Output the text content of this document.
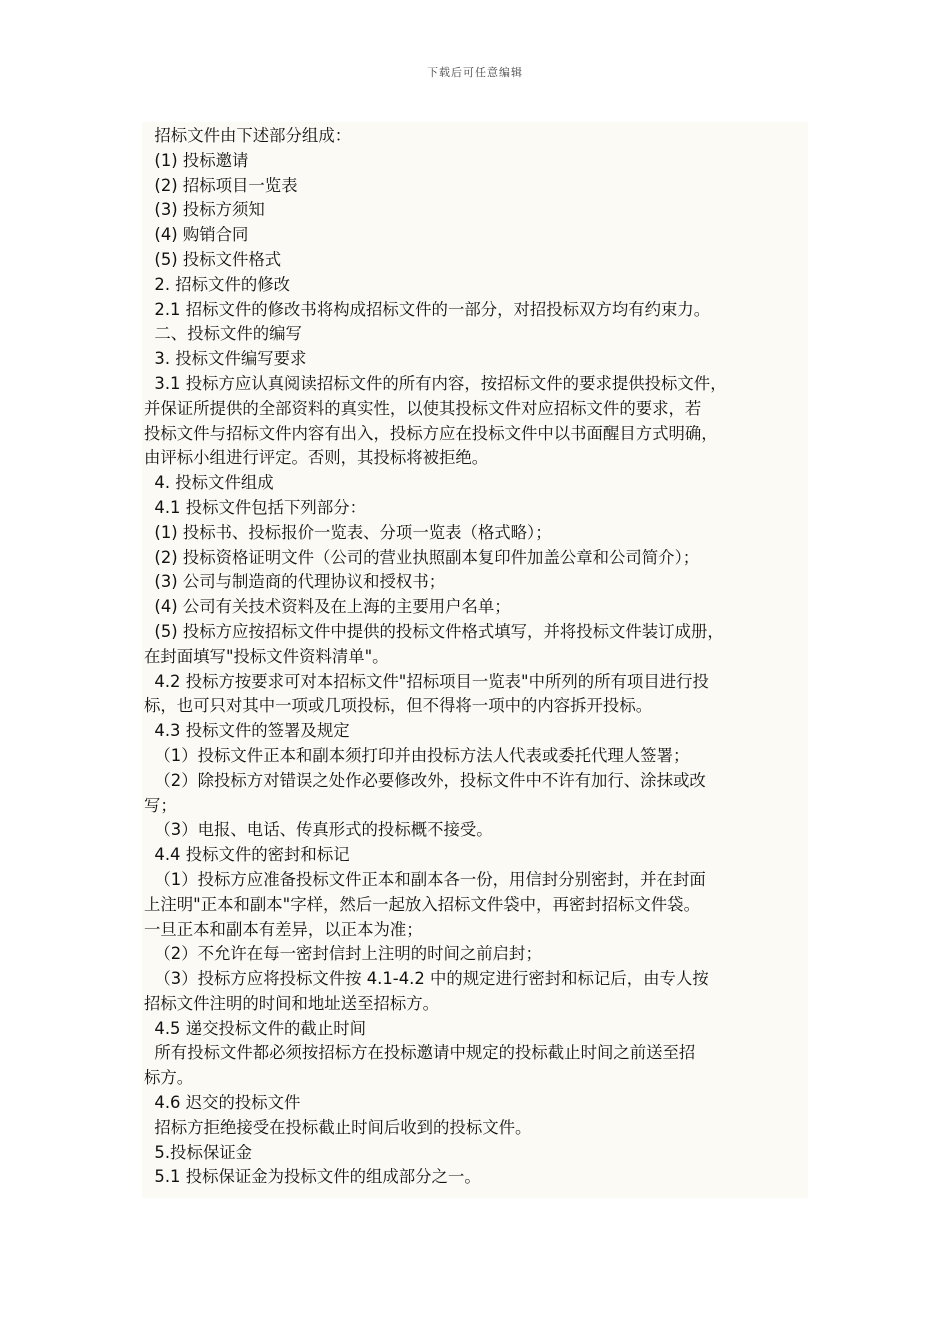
下载后可任意编辑
招标文件由下述部分组成：
(1) 投标邀请
(2) 招标项目一览表
(3) 投标方须知
(4) 购销合同
(5) 投标文件格式
2. 招标文件的修改
2.1 招标文件的修改书将构成招标文件的一部分，对招投标双方均有约束力。
二、投标文件的编写
3. 投标文件编写要求
3.1 投标方应认真阅读招标文件的所有内容，按招标文件的要求提供投标文件，
并保证所提供的全部资料的真实性，以使其投标文件对应招标文件的要求，若
投标文件与招标文件内容有出入，投标方应在投标文件中以书面醒目方式明确，
由评标小组进行评定。否则，其投标将被拒绝。
4. 投标文件组成
4.1 投标文件包括下列部分：
(1) 投标书、投标报价一览表、分项一览表（格式略）；
(2) 投标资格证明文件（公司的营业执照副本复印件加盖公章和公司简介）；
(3) 公司与制造商的代理协议和授权书；
(4) 公司有关技术资料及在上海的主要用户名单；
(5) 投标方应按招标文件中提供的投标文件格式填写，并将投标文件装订成册，
在封面填写"投标文件资料清单"。
4.2 投标方按要求可对本招标文件"招标项目一览表"中所列的所有项目进行投
标，也可只对其中一项或几项投标，但不得将一项中的内容拆开投标。
4.3 投标文件的签署及规定
（1）投标文件正本和副本须打印并由投标方法人代表或委托代理人签署；
（2）除投标方对错误之处作必要修改外，投标文件中不许有加行、涂抹或改
写；
（3）电报、电话、传真形式的投标概不接受。
4.4 投标文件的密封和标记
（1）投标方应准备投标文件正本和副本各一份，用信封分别密封，并在封面
上注明"正本和副本"字样，然后一起放入招标文件袋中，再密封招标文件袋。
一旦正本和副本有差异，以正本为准；
（2）不允许在每一密封信封上注明的时间之前启封；
（3）投标方应将投标文件按 4.1-4.2 中的规定进行密封和标记后，由专人按
招标文件注明的时间和地址送至招标方。
4.5 递交投标文件的截止时间
所有投标文件都必须按招标方在投标邀请中规定的投标截止时间之前送至招
标方。
4.6 迟交的投标文件
招标方拒绝接受在投标截止时间后收到的投标文件。
5.投标保证金
5.1 投标保证金为投标文件的组成部分之一。
